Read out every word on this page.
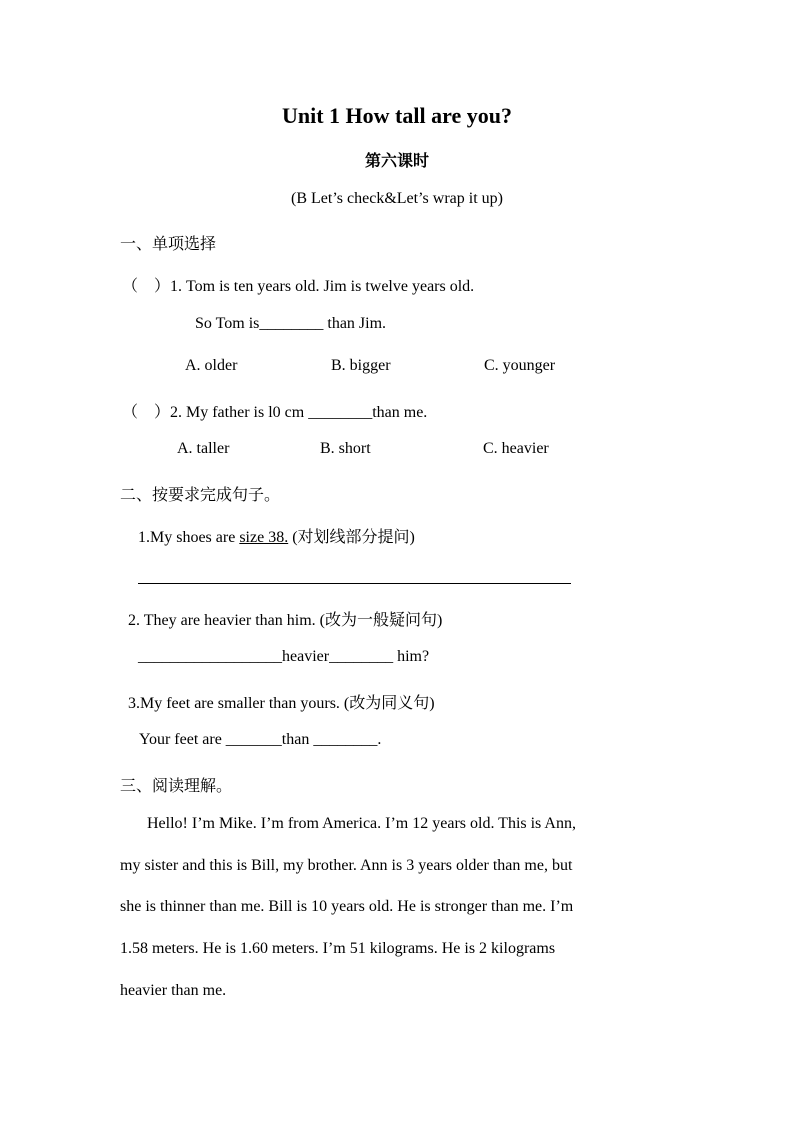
Unit 1 How tall are you?
第六课时
(B Let’s check&Let’s wrap it up)
一、单项选择
（　）1. Tom is ten years old. Jim is twelve years old.
So Tom is________ than Jim.
A. older	B. bigger	C. younger
（　）2. My father is l0 cm ________than me.
A. taller	B. short	C. heavier
二、按要求完成句子。
1.My shoes are size 38. (对划线部分提问)
2. They are heavier than him. (改为一般疑问句)
__________________heavier________ him?
3.My feet are smaller than yours. (改为同义句)
Your feet are _______than ________.
三、阅读理解。
Hello! I’m Mike. I’m from America. I’m 12 years old. This is Ann,
my sister and this is Bill, my brother. Ann is 3 years older than me, but
she is thinner than me. Bill is 10 years old. He is stronger than me. I’m
1.58 meters. He is 1.60 meters. I’m 51 kilograms. He is 2 kilograms
heavier than me.
